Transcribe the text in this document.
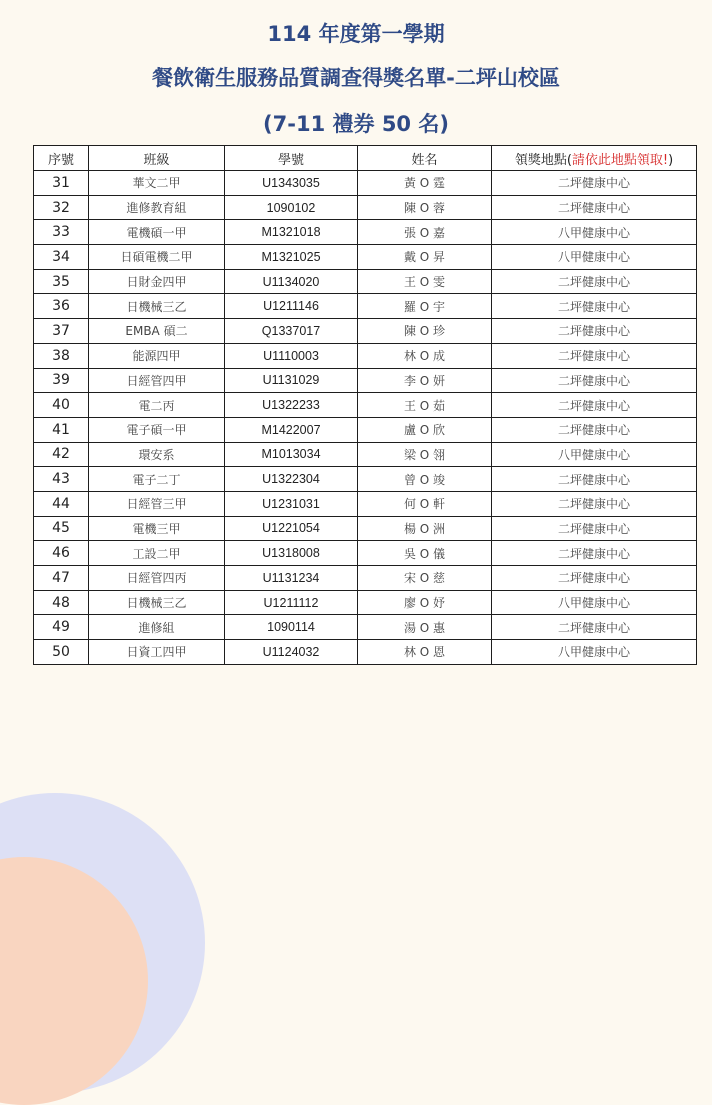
114 年度第一學期
餐飲衛生服務品質調查得獎名單-二坪山校區
(7-11 禮券 50 名)
序號	班級	學號	姓名	領獎地點(請依此地點領取!)
31	華文二甲	U1343035	黃 O 霆	二坪健康中心
32	進修教育組	1090102	陳 O 蓉	二坪健康中心
33	電機碩一甲	M1321018	張 O 嘉	八甲健康中心
34	日碩電機二甲	M1321025	戴 O 昇	八甲健康中心
35	日財金四甲	U1134020	王 O 雯	二坪健康中心
36	日機械三乙	U1211146	羅 O 宇	二坪健康中心
37	EMBA 碩二	Q1337017	陳 O 珍	二坪健康中心
38	能源四甲	U1110003	林 O 成	二坪健康中心
39	日經管四甲	U1131029	李 O 妍	二坪健康中心
40	電二丙	U1322233	王 O 茹	二坪健康中心
41	電子碩一甲	M1422007	盧 O 欣	二坪健康中心
42	環安系	M1013034	梁 O 翎	八甲健康中心
43	電子二丁	U1322304	曾 O 竣	二坪健康中心
44	日經管三甲	U1231031	何 O 軒	二坪健康中心
45	電機三甲	U1221054	楊 O 洲	二坪健康中心
46	工設二甲	U1318008	吳 O 儀	二坪健康中心
47	日經管四丙	U1131234	宋 O 慈	二坪健康中心
48	日機械三乙	U1211112	廖 O 妤	八甲健康中心
49	進修組	1090114	湯 O 惠	二坪健康中心
50	日資工四甲	U1124032	林 O 恩	八甲健康中心
